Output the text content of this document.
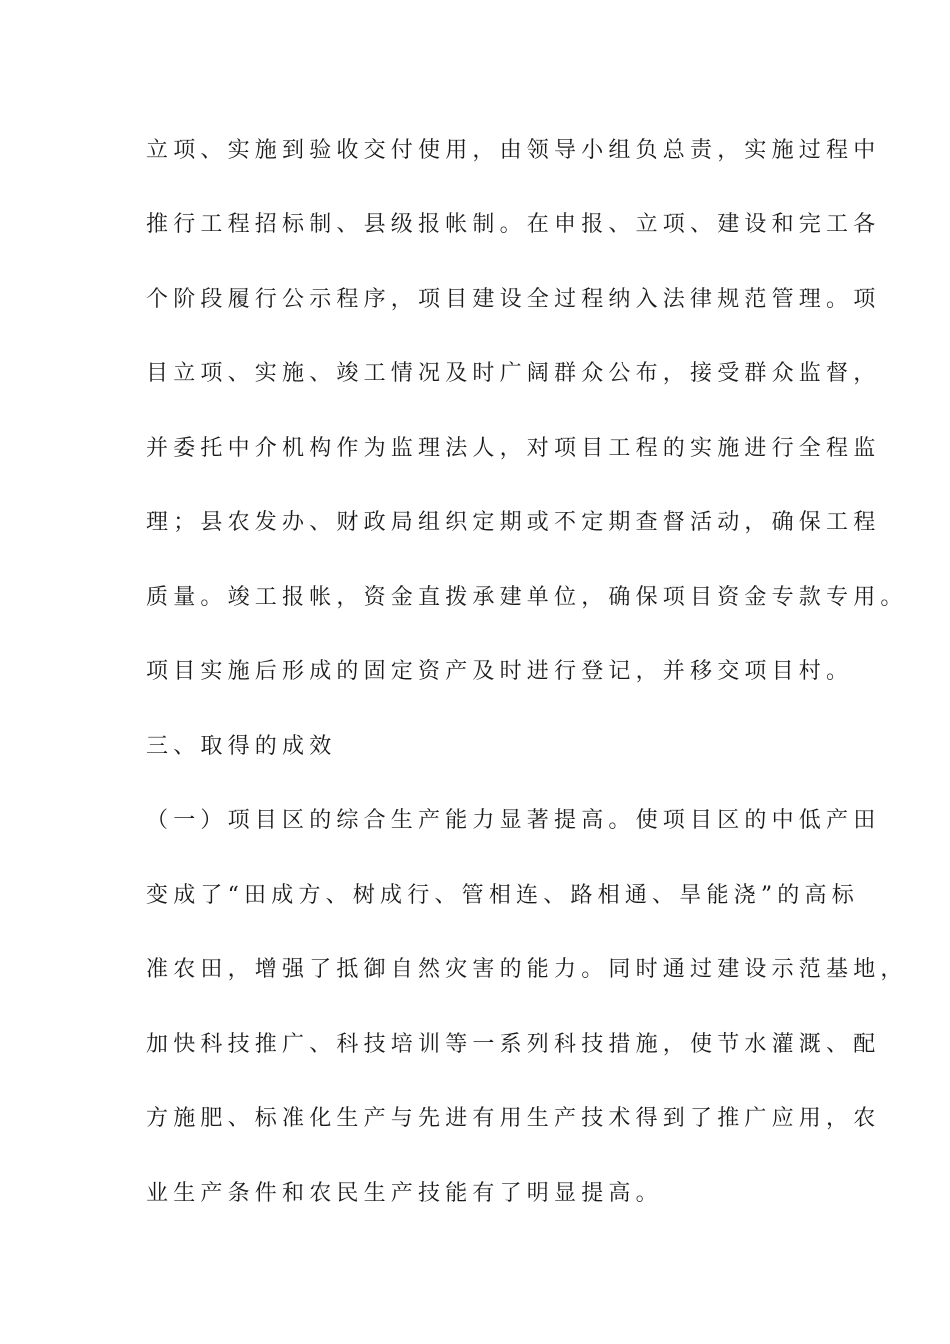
立项、实施到验收交付使用，由领导小组负总责，实施过程中
推行工程招标制、县级报帐制。在申报、立项、建设和完工各
个阶段履行公示程序，项目建设全过程纳入法律规范管理。项
目立项、实施、竣工情况及时广阔群众公布，接受群众监督，
并委托中介机构作为监理法人，对项目工程的实施进行全程监
理；县农发办、财政局组织定期或不定期查督活动，确保工程
质量。竣工报帐，资金直拨承建单位，确保项目资金专款专用。
项目实施后形成的固定资产及时进行登记，并移交项目村。
三、取得的成效
（一）项目区的综合生产能力显著提高。使项目区的中低产田
变成了“田成方、树成行、管相连、路相通、旱能浇”的高标
准农田，增强了抵御自然灾害的能力。同时通过建设示范基地，
加快科技推广、科技培训等一系列科技措施，使节水灌溉、配
方施肥、标准化生产与先进有用生产技术得到了推广应用，农
业生产条件和农民生产技能有了明显提高。
